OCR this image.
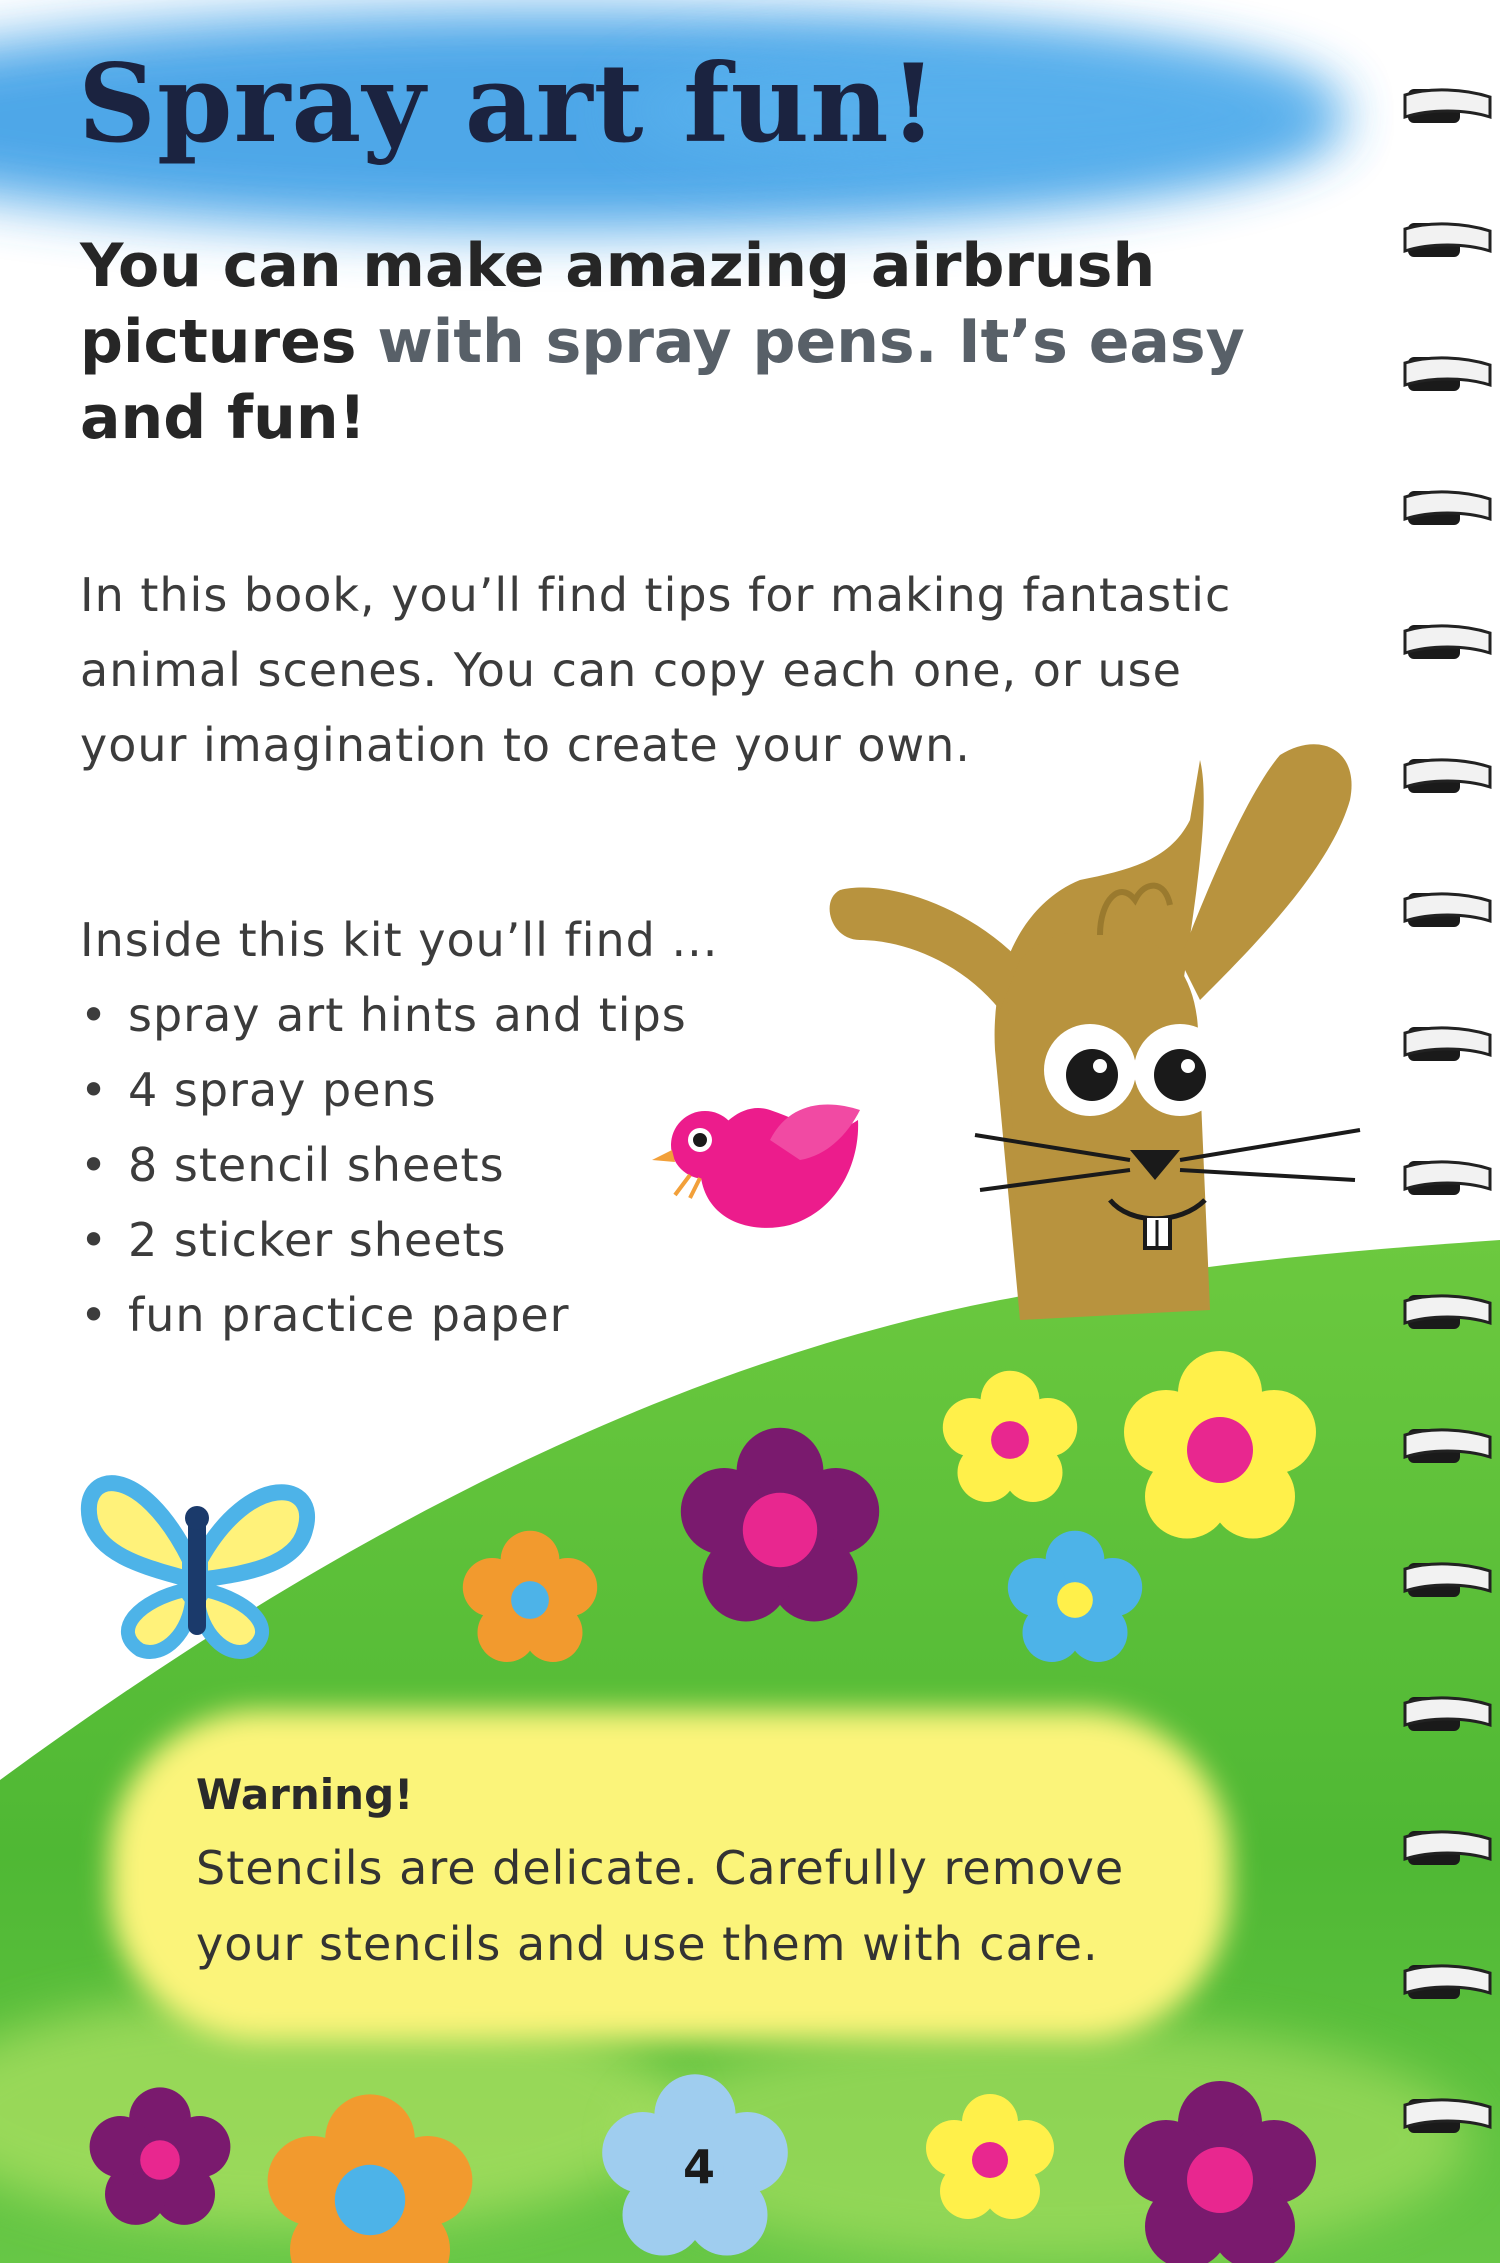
Spray art fun!
You can make amazing airbrush
pictures with spray pens. It’s easy
and fun!
In this book, you’ll find tips for making fantastic animal scenes. You can copy each one, or use your imagination to create your own.
Inside this kit you’ll find ...
• spray art hints and tips
• 4 spray pens
• 8 stencil sheets
• 2 sticker sheets
• fun practice paper
Warning!
Stencils are delicate. Carefully remove your stencils and use them with care.
4
